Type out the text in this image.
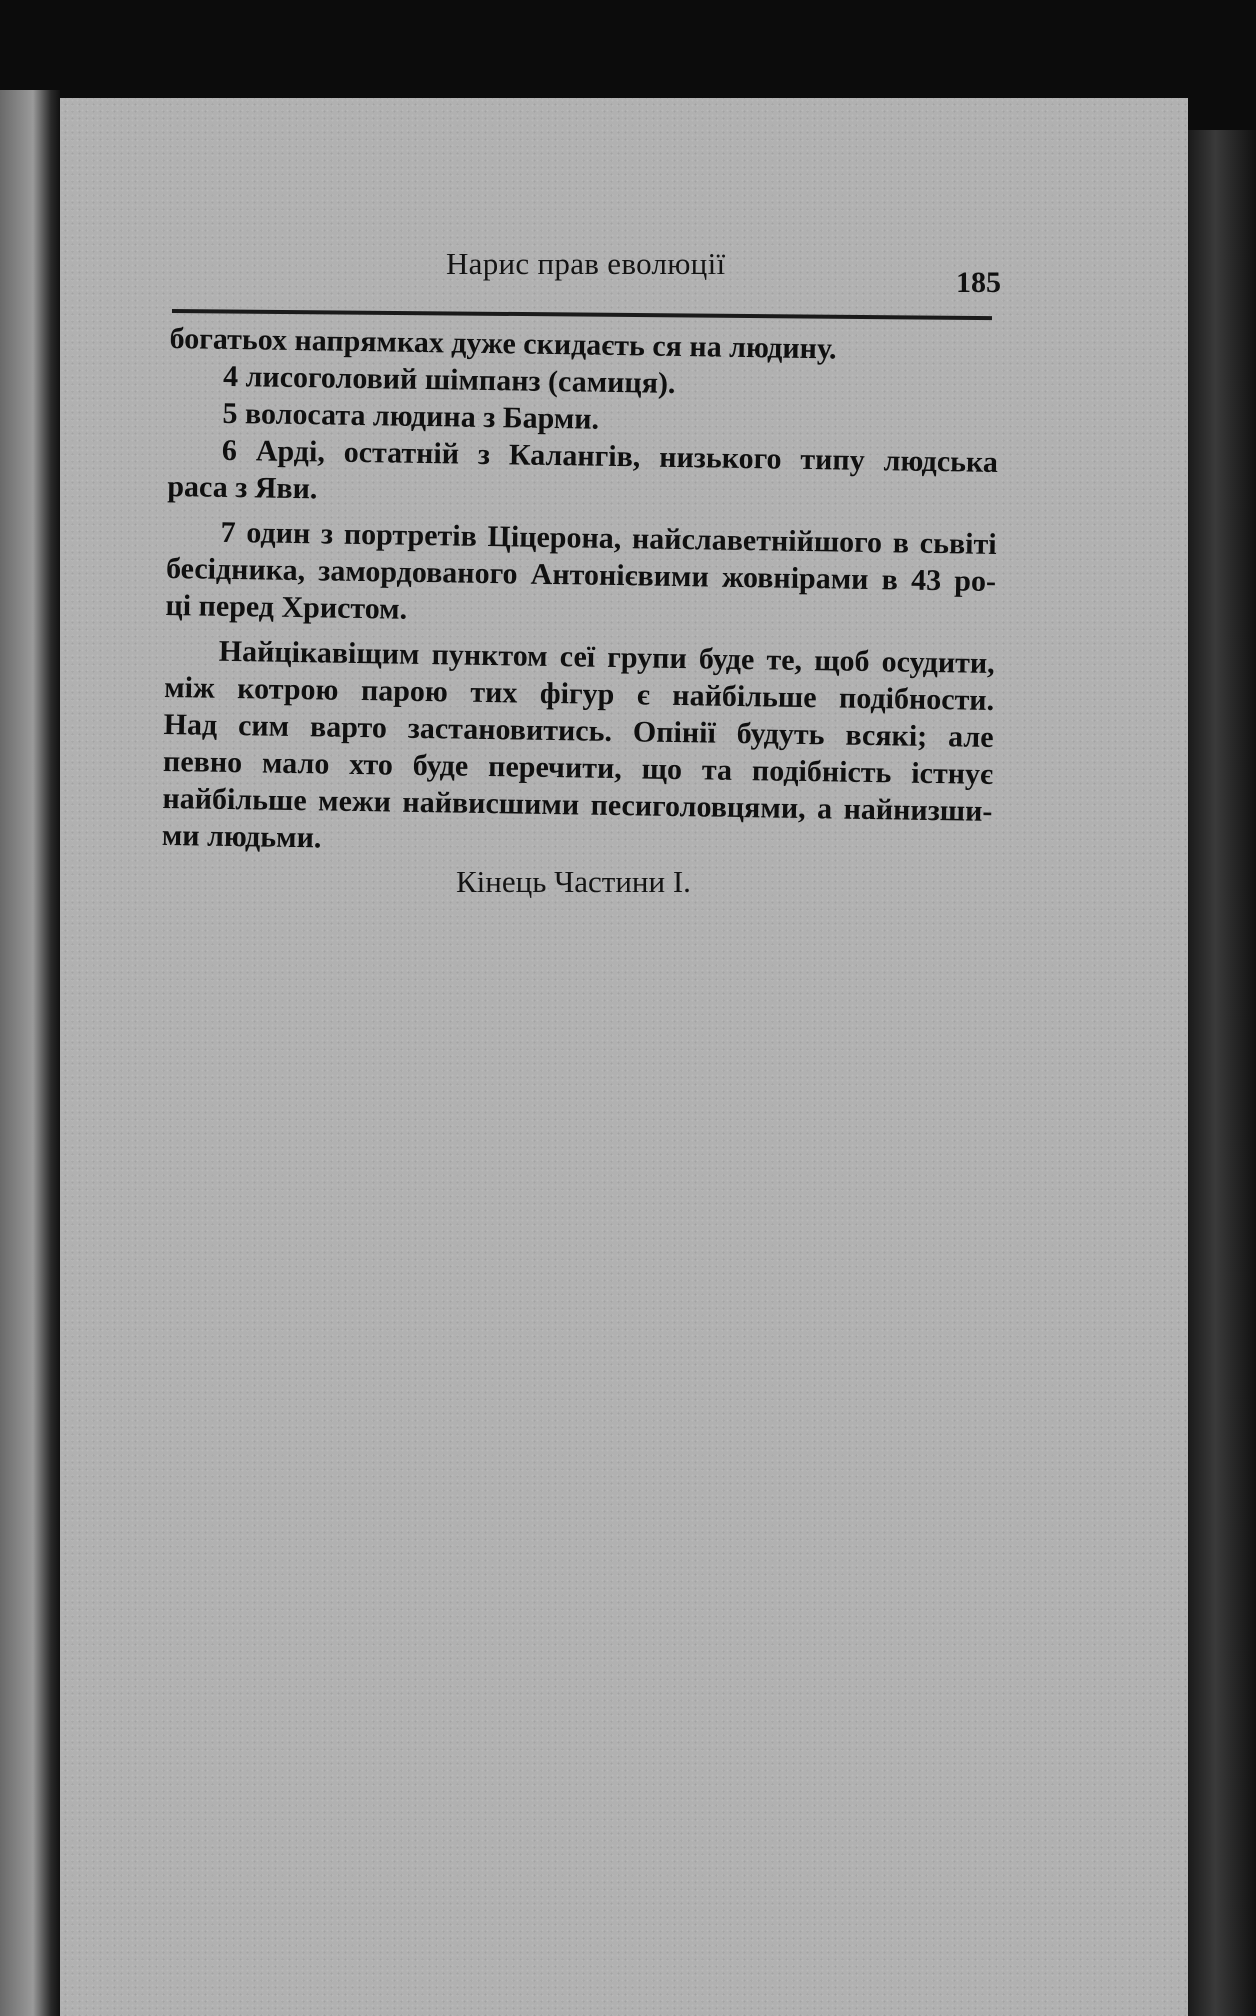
Нарис прав еволюції
185
богатьох напрямках дуже скидаєть ся на людину.
4 лисоголовий шімпанз (самиця).
5 волосата людина з Барми.
6 Арді, остатній з Калангів, низького типу людська
раса з Яви.
7 один з портретів Ціцерона, найславетнійшого в сьвіті
бесідника, замордованого Антонієвими жовнірами в 43 ро-
ці перед Христом.
Найцікавіщим пунктом сеї групи буде те, щоб осудити,
між котрою парою тих фігур є найбільше подібности.
Над сим варто застановитись. Опінії будуть всякі; але
певно мало хто буде перечити, що та подібність істнує
найбільше межи найвисшими песиголовцями, а найнизши-
ми людьми.
Кінець Частини I.
